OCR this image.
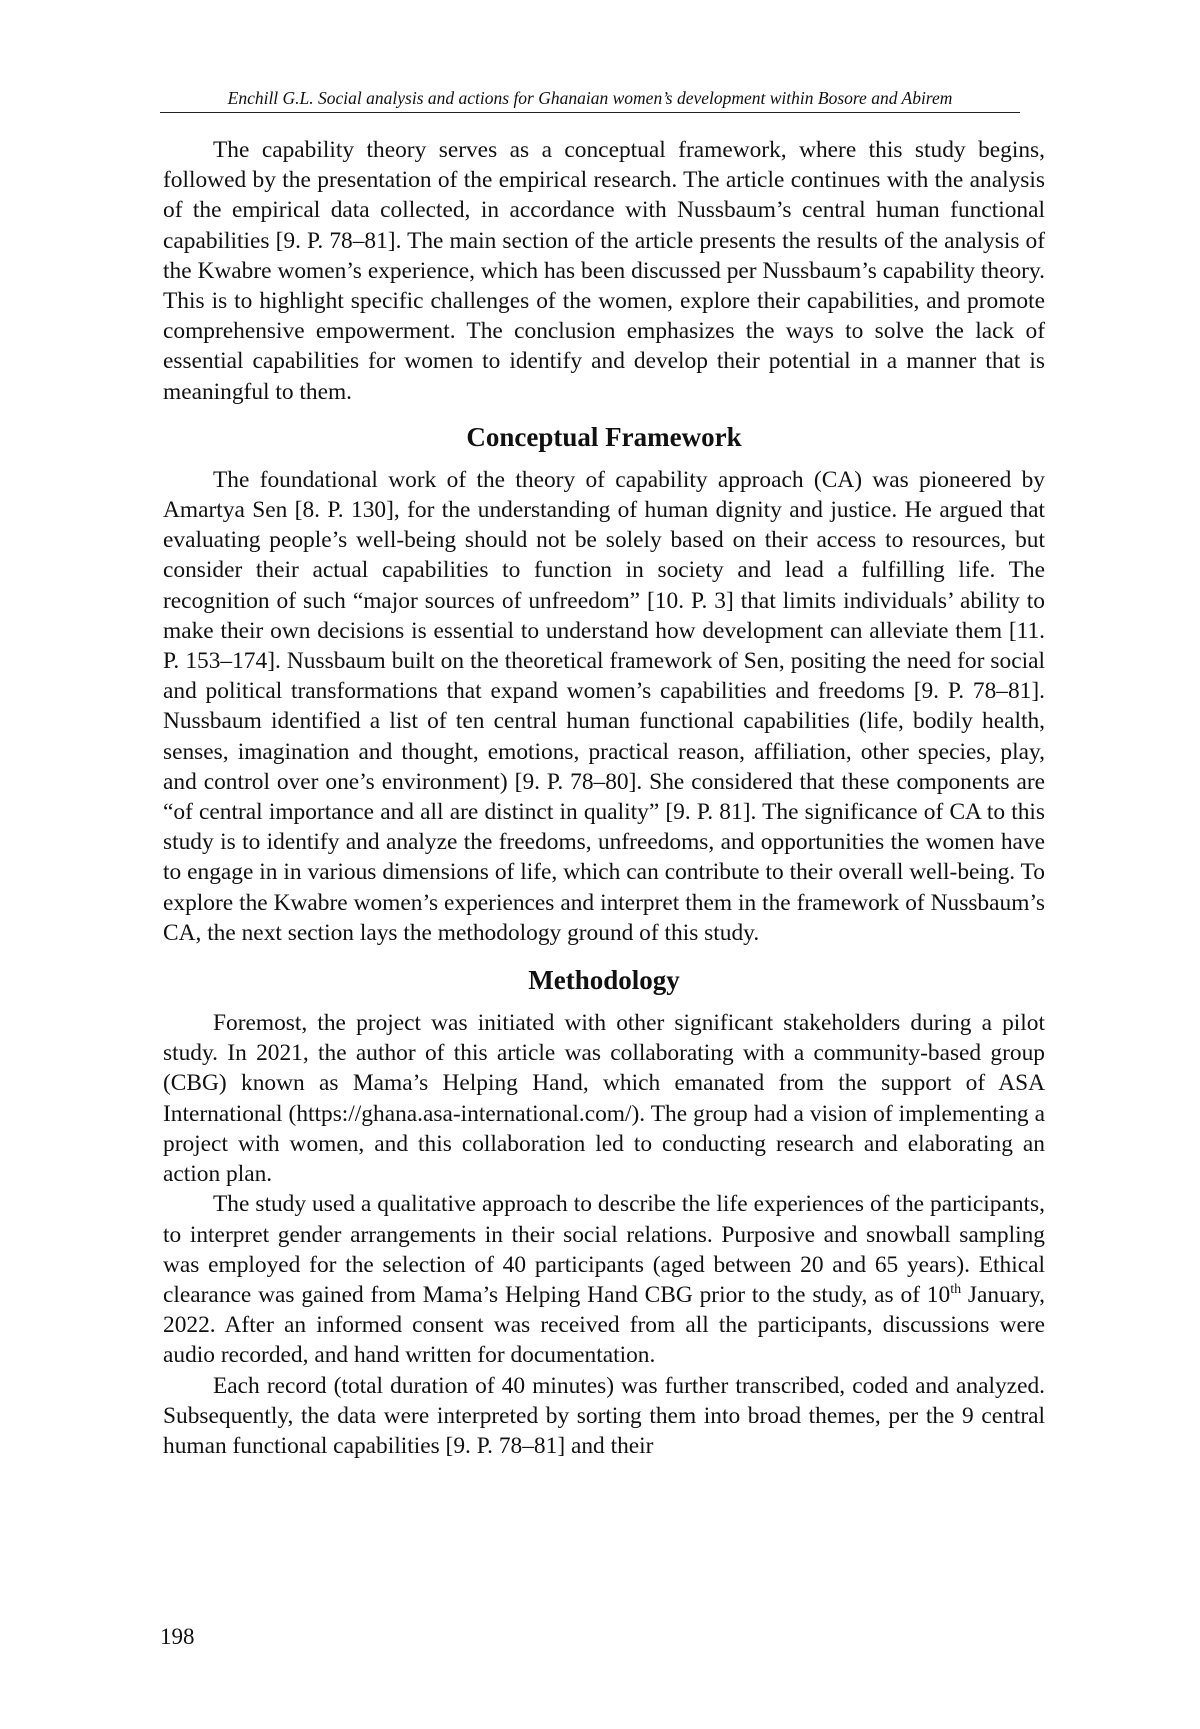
Enchill G.L. Social analysis and actions for Ghanaian women’s development within Bosore and Abirem

The capability theory serves as a conceptual framework, where this study begins, followed by the presentation of the empirical research. The article continues with the analysis of the empirical data collected, in accordance with Nussbaum’s central human functional capabilities [9. P. 78–81]. The main section of the article presents the results of the analysis of the Kwabre women’s experience, which has been discussed per Nussbaum’s capability theory. This is to highlight specific challenges of the women, explore their capabilities, and promote comprehensive empowerment. The conclusion emphasizes the ways to solve the lack of essential capabilities for women to identify and develop their potential in a manner that is meaningful to them.

Conceptual Framework

The foundational work of the theory of capability approach (CA) was pioneered by Amartya Sen [8. P. 130], for the understanding of human dignity and justice. He argued that evaluating people’s well-being should not be solely based on their access to resources, but consider their actual capabilities to function in society and lead a fulfilling life. The recognition of such “major sources of unfreedom” [10. P. 3] that limits individuals’ ability to make their own decisions is essential to understand how development can alleviate them [11. P. 153–174]. Nussbaum built on the theoretical framework of Sen, positing the need for social and political transformations that expand women’s capabilities and freedoms [9. P. 78–81]. Nussbaum identified a list of ten central human functional capabilities (life, bodily health, senses, imagination and thought, emotions, practical reason, affiliation, other species, play, and control over one’s environment) [9. P. 78–80]. She considered that these components are “of central importance and all are distinct in quality” [9. P. 81]. The significance of CA to this study is to identify and analyze the freedoms, unfreedoms, and opportunities the women have to engage in in various dimensions of life, which can contribute to their overall well-being. To explore the Kwabre women’s experiences and interpret them in the framework of Nussbaum’s CA, the next section lays the methodology ground of this study.

Methodology

Foremost, the project was initiated with other significant stakeholders during a pilot study. In 2021, the author of this article was collaborating with a community-based group (CBG) known as Mama’s Helping Hand, which emanated from the support of ASA International (https://ghana.asa-international.com/). The group had a vision of implementing a project with women, and this collaboration led to conducting research and elaborating an action plan.

The study used a qualitative approach to describe the life experiences of the participants, to interpret gender arrangements in their social relations. Purposive and snowball sampling was employed for the selection of 40 participants (aged between 20 and 65 years). Ethical clearance was gained from Mama’s Helping Hand CBG prior to the study, as of 10th January, 2022. After an informed consent was received from all the participants, discussions were audio recorded, and hand written for documentation.

Each record (total duration of 40 minutes) was further transcribed, coded and analyzed. Subsequently, the data were interpreted by sorting them into broad themes, per the 9 central human functional capabilities [9. P. 78–81] and their

198
